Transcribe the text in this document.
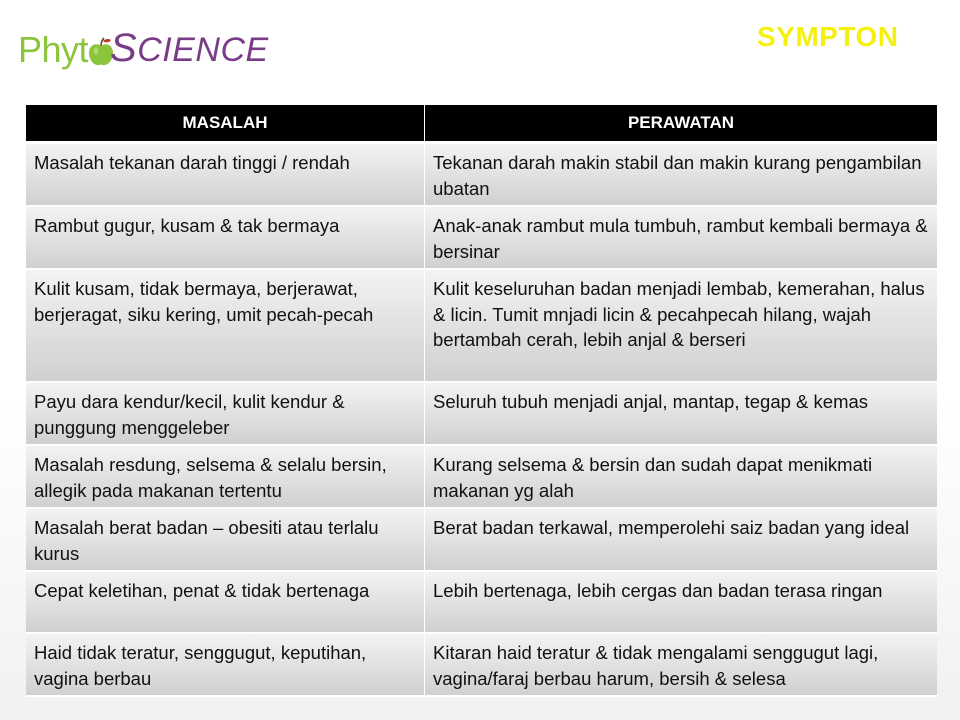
Phyt SCIENCE	SYMPTON
MASALAH	PERAWATAN
Masalah tekanan darah tinggi / rendah	Tekanan darah makin stabil dan makin kurang pengambilan ubatan
Rambut gugur, kusam & tak bermaya	Anak-anak rambut mula tumbuh, rambut kembali bermaya & bersinar
Kulit kusam, tidak bermaya, berjerawat, berjeragat, siku kering, umit pecah-pecah	Kulit keseluruhan badan menjadi lembab, kemerahan, halus & licin. Tumit mnjadi licin & pecahpecah hilang, wajah bertambah cerah, lebih anjal & berseri
Payu dara kendur/kecil, kulit kendur & punggung menggeleber	Seluruh tubuh menjadi anjal, mantap, tegap & kemas
Masalah resdung, selsema & selalu bersin, allegik pada makanan tertentu	Kurang selsema & bersin dan sudah dapat menikmati makanan yg alah
Masalah berat badan – obesiti atau terlalu kurus	Berat badan terkawal, memperolehi saiz badan yang ideal
Cepat keletihan, penat & tidak bertenaga	Lebih bertenaga, lebih cergas dan badan terasa ringan
Haid tidak teratur, senggugut, keputihan, vagina berbau	Kitaran haid teratur & tidak mengalami senggugut lagi, vagina/faraj berbau harum, bersih & selesa
